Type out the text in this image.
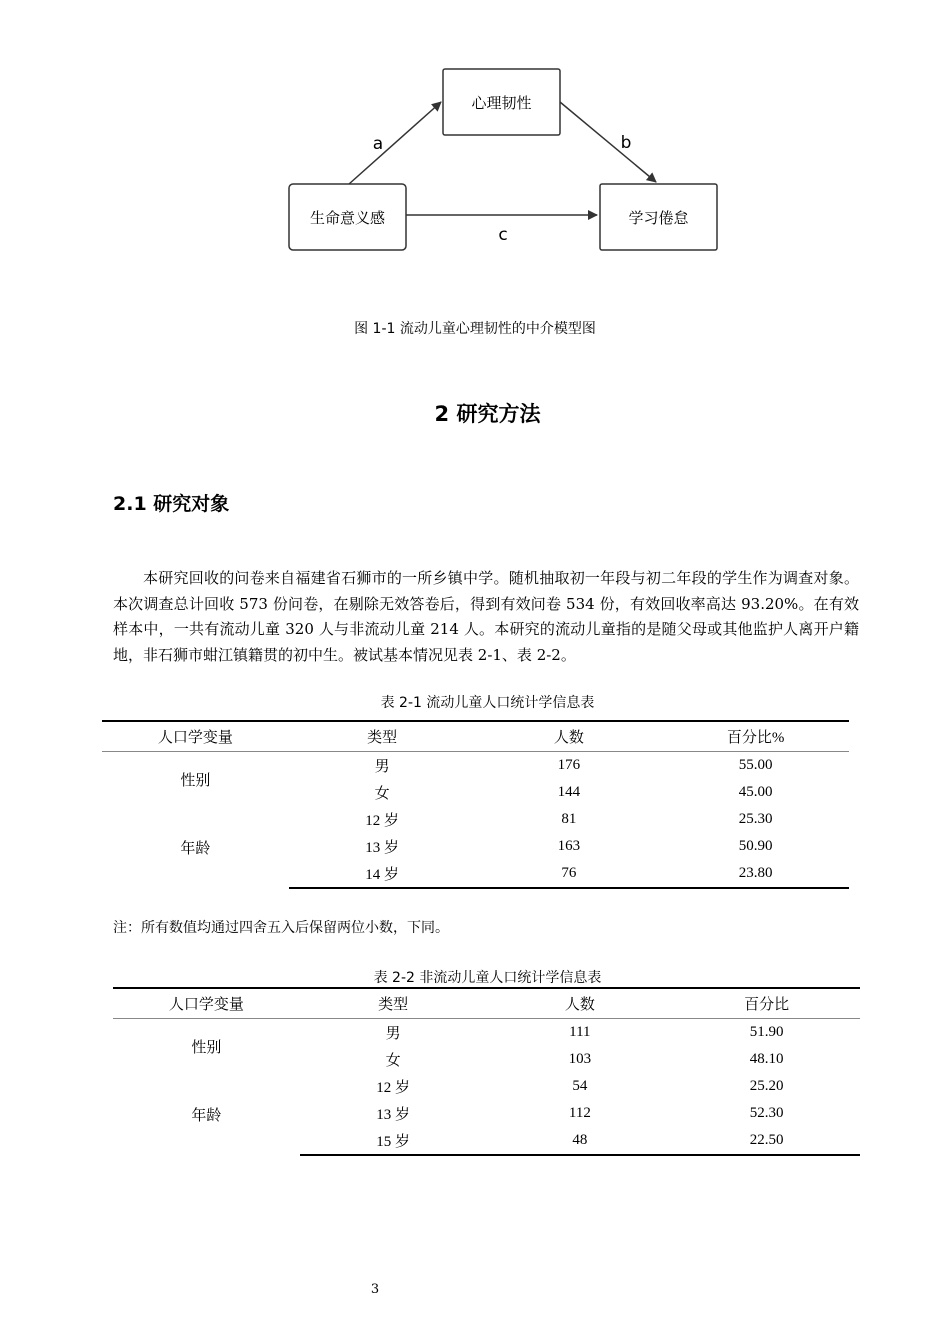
心理韧性
生命意义感	学习倦怠
a	b
c
图 1-1 流动儿童心理韧性的中介模型图
2 研究方法
2.1 研究对象

本研究回收的问卷来自福建省石狮市的一所乡镇中学。随机抽取初一年段与初二年段的学生作为调查对象。本次调查总计回收 573 份问卷，在剔除无效答卷后，得到有效问卷 534 份，有效回收率高达 93.20%。在有效样本中，一共有流动儿童 320 人与非流动儿童 214 人。本研究的流动儿童指的是随父母或其他监护人离开户籍地，非石狮市蚶江镇籍贯的初中生。被试基本情况见表 2-1、表 2-2。

表 2-1 流动儿童人口统计学信息表
人口学变量	类型	人数	百分比%
性别	男	176	55.00
	女	144	45.00
年龄	12 岁	81	25.30
	13 岁	163	50.90
	14 岁	76	23.80
注：所有数值均通过四舍五入后保留两位小数，下同。
表 2-2 非流动儿童人口统计学信息表
人口学变量	类型	人数	百分比
性别	男	111	51.90
	女	103	48.10
年龄	12 岁	54	25.20
	13 岁	112	52.30
	15 岁	48	22.50
3
